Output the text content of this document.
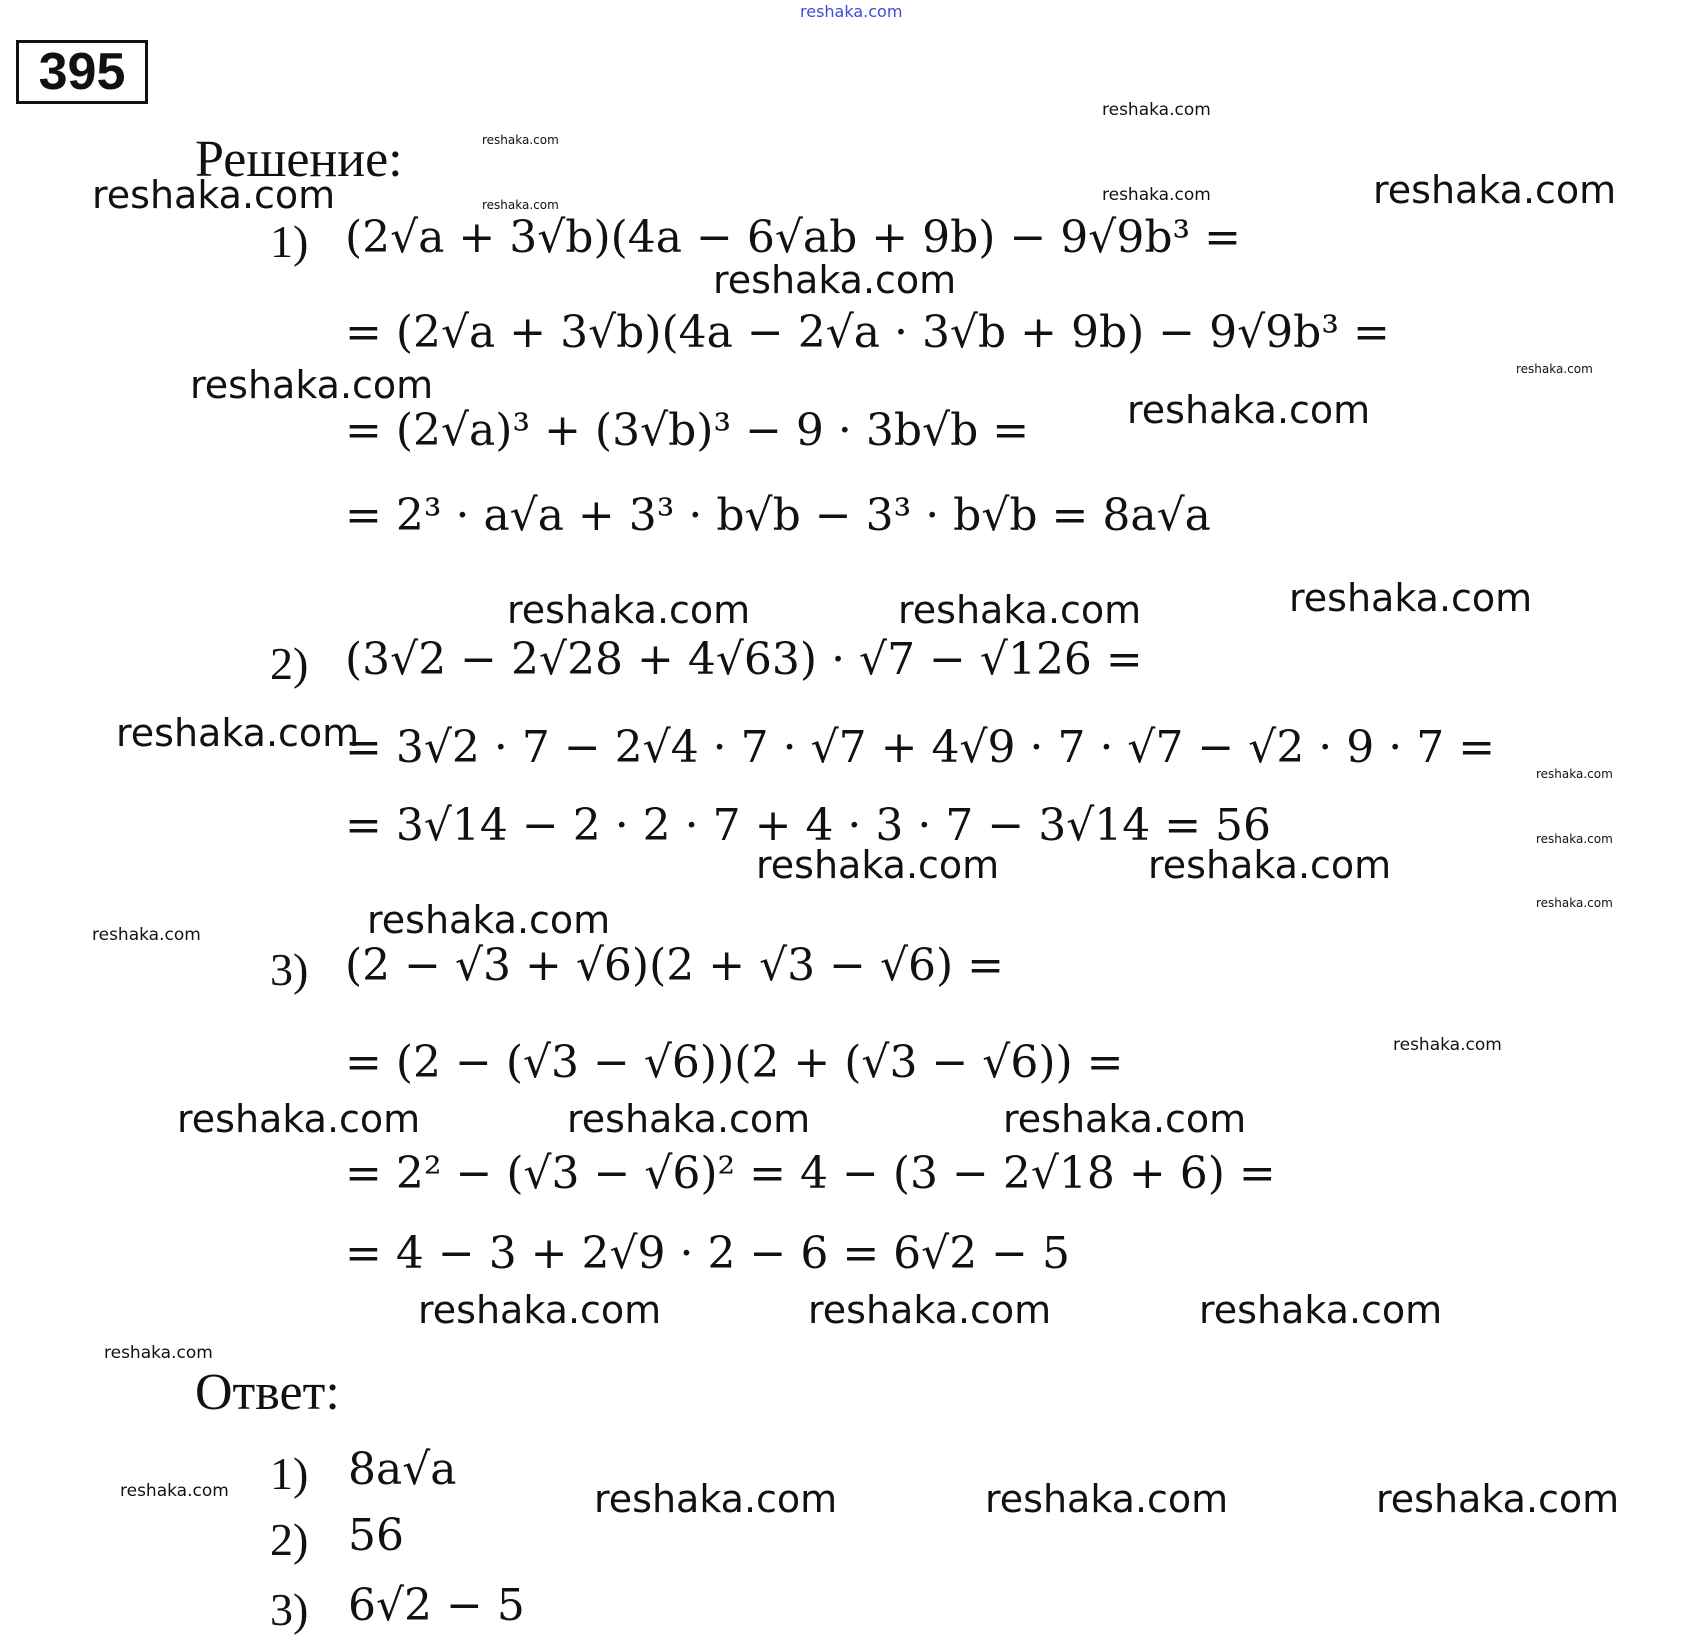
reshaka.com
395
Решение:
1) (2√a + 3√b)(4a − 6√ab + 9b) − 9√9b³ =
= (2√a + 3√b)(4a − 2√a · 3√b + 9b) − 9√9b³ =
= (2√a)³ + (3√b)³ − 9 · 3b√b =
= 2³ · a√a + 3³ · b√b − 3³ · b√b = 8a√a
2) (3√2 − 2√28 + 4√63) · √7 − √126 =
= 3√2 · 7 − 2√4 · 7 · √7 + 4√9 · 7 · √7 − √2 · 9 · 7 =
= 3√14 − 2 · 2 · 7 + 4 · 3 · 7 − 3√14 = 56
3) (2 − √3 + √6)(2 + √3 − √6) =
= (2 − (√3 − √6))(2 + (√3 − √6)) =
= 2² − (√3 − √6)² = 4 − (3 − 2√18 + 6) =
= 4 − 3 + 2√9 · 2 − 6 = 6√2 − 5
Ответ:
1) 8a√a
2) 56
3) 6√2 − 5
reshaka.com	reshaka.com
reshaka.com
reshaka.com
reshaka.com
reshaka.com	reshaka.com	reshaka.com
reshaka.com
reshaka.com	reshaka.com
reshaka.com
reshaka.com	reshaka.com	reshaka.com
reshaka.com	reshaka.com	reshaka.com
reshaka.com	reshaka.com	reshaka.com
reshaka.com
reshaka.com
reshaka.com
reshaka.com
reshaka.com
reshaka.com
reshaka.com
reshaka.com
reshaka.com
reshaka.com
reshaka.com
reshaka.com
